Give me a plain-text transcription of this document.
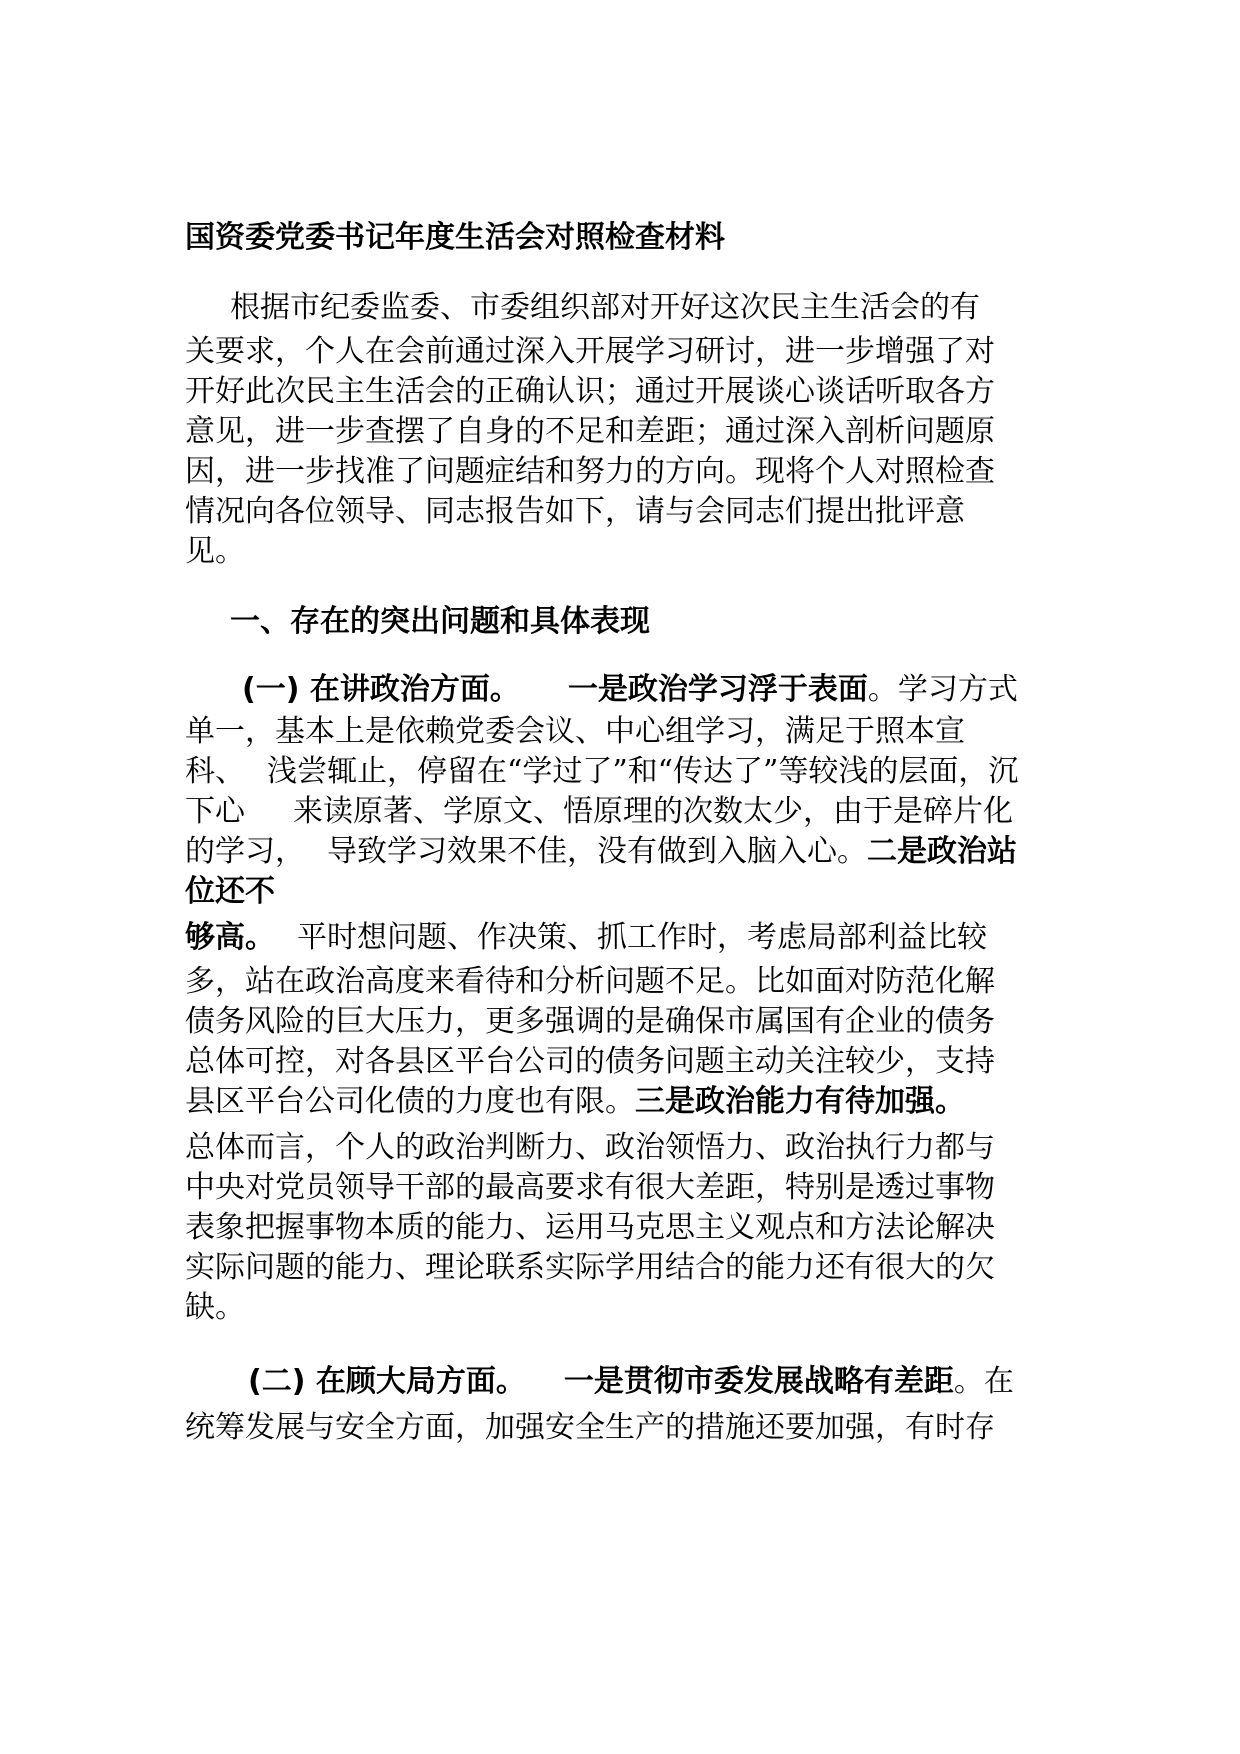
国资委党委书记年度生活会对照检查材料
根据市纪委监委、市委组织部对开好这次民主生活会的有
关要求，个人在会前通过深入开展学习研讨，进一步增强了对
开好此次民主生活会的正确认识；通过开展谈心谈话听取各方
意见，进一步查摆了自身的不足和差距；通过深入剖析问题原
因，进一步找准了问题症结和努力的方向。现将个人对照检查
情况向各位领导、同志报告如下，请与会同志们提出批评意
见。
一、存在的突出问题和具体表现
(一) 在讲政治方面。 一是政治学习浮于表面。学习方式
单一，基本上是依赖党委会议、中心组学习，满足于照本宣
科、 浅尝辄止，停留在“学过了”和“传达了”等较浅的层面，沉
下心 来读原著、学原文、悟原理的次数太少，由于是碎片化
的学习， 导致学习效果不佳，没有做到入脑入心。二是政治站
位还不
够高。 平时想问题、作决策、抓工作时，考虑局部利益比较
多，站在政治高度来看待和分析问题不足。比如面对防范化解
债务风险的巨大压力，更多强调的是确保市属国有企业的债务
总体可控，对各县区平台公司的债务问题主动关注较少，支持
县区平台公司化债的力度也有限。三是政治能力有待加强。
总体而言，个人的政治判断力、政治领悟力、政治执行力都与
中央对党员领导干部的最高要求有很大差距，特别是透过事物
表象把握事物本质的能力、运用马克思主义观点和方法论解决
实际问题的能力、理论联系实际学用结合的能力还有很大的欠
缺。
(二) 在顾大局方面。 一是贯彻市委发展战略有差距。在
统筹发展与安全方面，加强安全生产的措施还要加强，有时存
